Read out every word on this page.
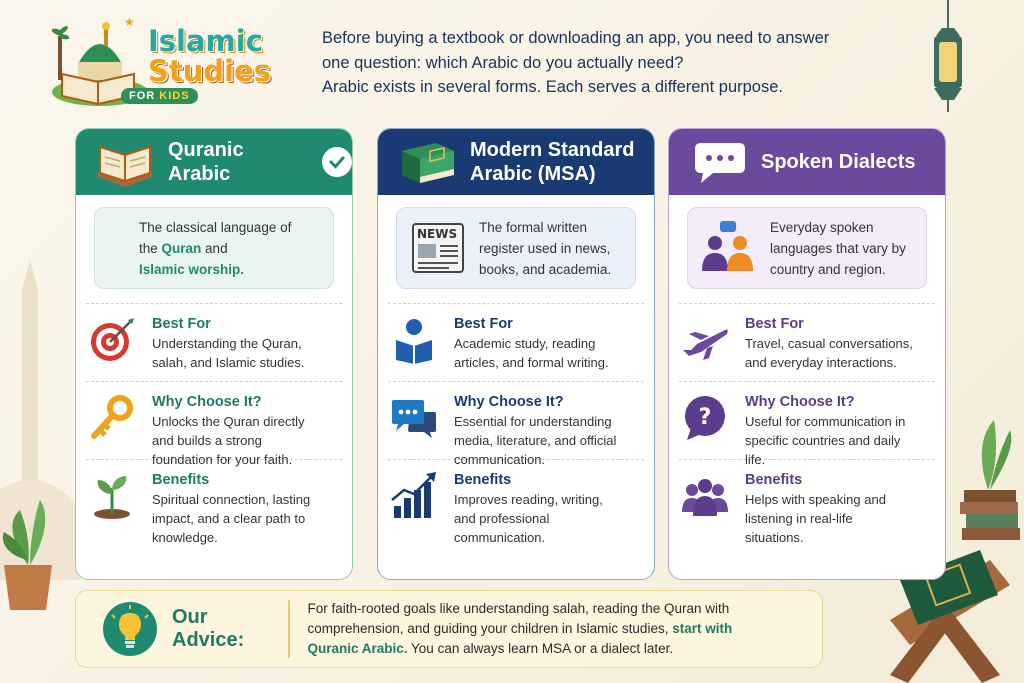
★
Islamic
Studies
FOR KIDS
Before buying a textbook or downloading an app, you need to answer
one question: which Arabic do you actually need?
Arabic exists in several forms. Each serves a different purpose.
Quranic Arabic
The classical language of
the Quran and
Islamic worship.
Best For
Understanding the Quran, salah, and Islamic studies.
Why Choose It?
Unlocks the Quran directly and builds a strong foundation for your faith.
Benefits
Spiritual connection, lasting impact, and a clear path to knowledge.
Modern Standard Arabic (MSA)
NEWS The formal written register used in news, books, and academia.
Best For
Academic study, reading articles, and formal writing.
Why Choose It?
Essential for understanding media, literature, and official communication.
Benefits
Improves reading, writing, and professional communication.
Spoken Dialects
Everyday spoken languages that vary by country and region.
Best For
Travel, casual conversations, and everyday interactions.
?
Why Choose It?
Useful for communication in specific countries and daily life.
Benefits
Helps with speaking and listening in real-life situations.
Our Advice:
For faith-rooted goals like understanding salah, reading the Quran with comprehension, and guiding your children in Islamic studies, start with Quranic Arabic. You can always learn MSA or a dialect later.
